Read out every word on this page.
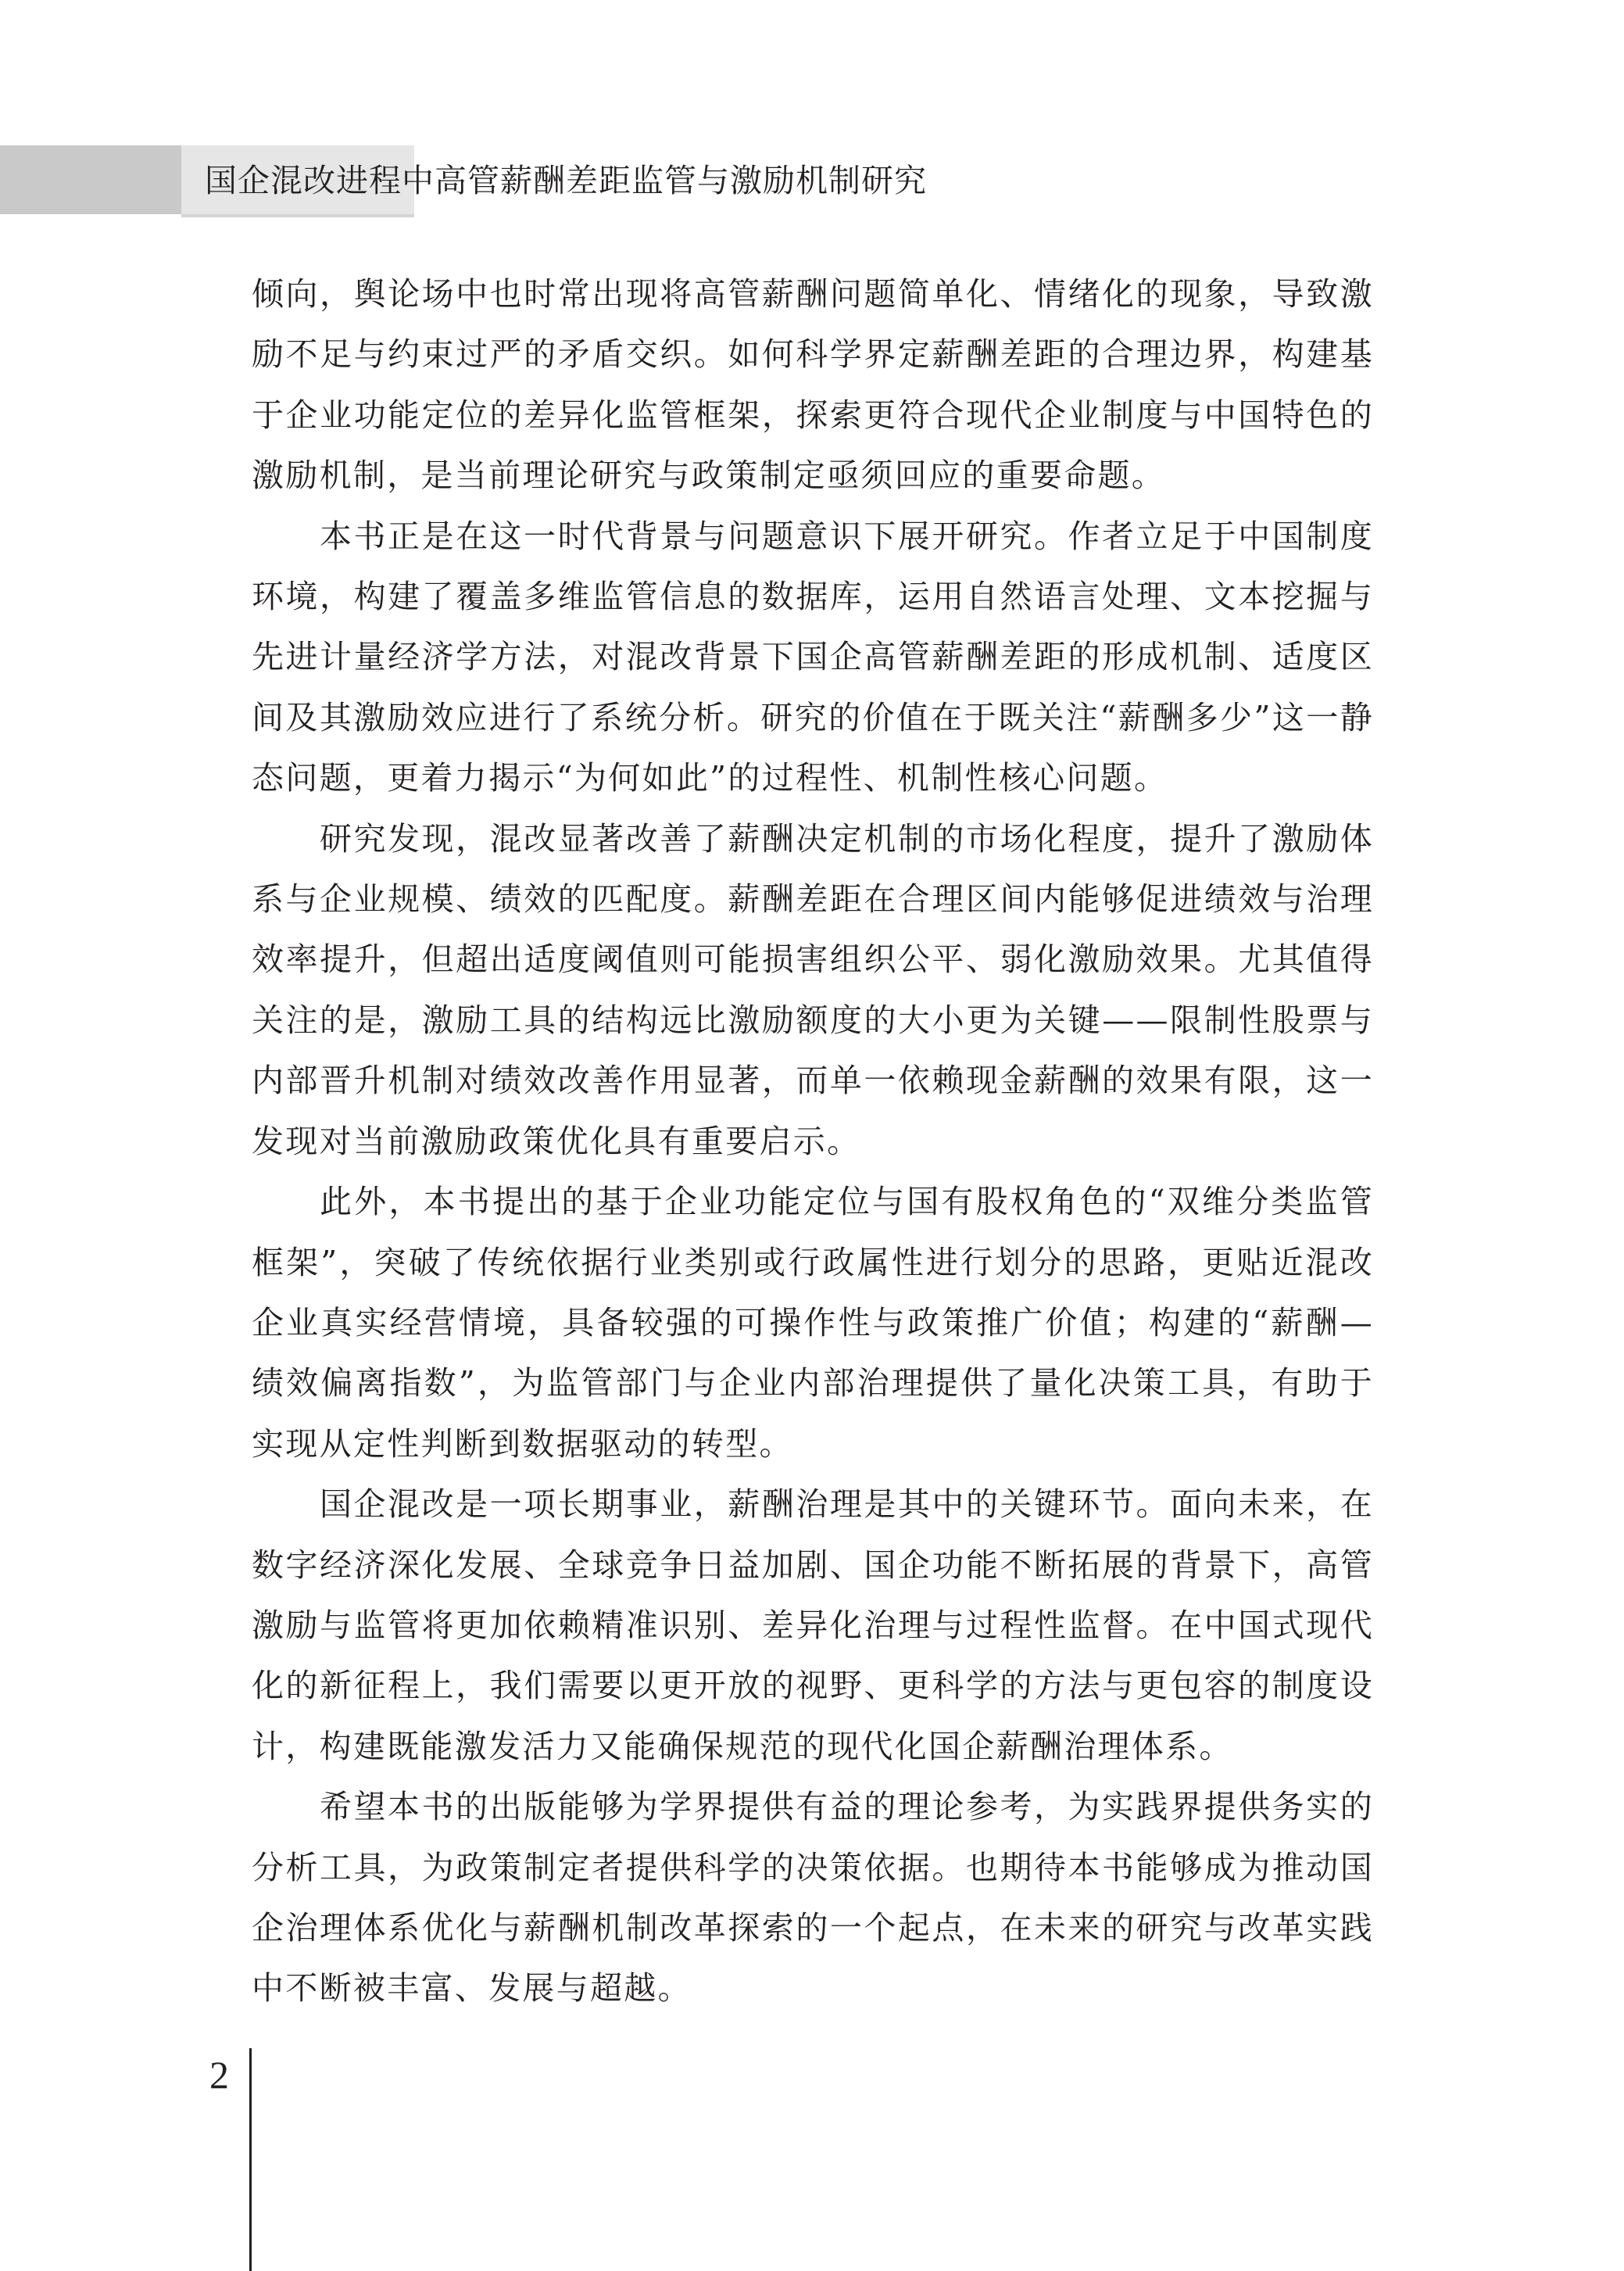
国企混改进程中高管薪酬差距监管与激励机制研究

倾向，舆论场中也时常出现将高管薪酬问题简单化、情绪化的现象，导致激励不足与约束过严的矛盾交织。如何科学界定薪酬差距的合理边界，构建基于企业功能定位的差异化监管框架，探索更符合现代企业制度与中国特色的激励机制，是当前理论研究与政策制定亟须回应的重要命题。

本书正是在这一时代背景与问题意识下展开研究。作者立足于中国制度环境，构建了覆盖多维监管信息的数据库，运用自然语言处理、文本挖掘与先进计量经济学方法，对混改背景下国企高管薪酬差距的形成机制、适度区间及其激励效应进行了系统分析。研究的价值在于既关注“薪酬多少”这一静态问题，更着力揭示“为何如此”的过程性、机制性核心问题。

研究发现，混改显著改善了薪酬决定机制的市场化程度，提升了激励体系与企业规模、绩效的匹配度。薪酬差距在合理区间内能够促进绩效与治理效率提升，但超出适度阈值则可能损害组织公平、弱化激励效果。尤其值得关注的是，激励工具的结构远比激励额度的大小更为关键——限制性股票与内部晋升机制对绩效改善作用显著，而单一依赖现金薪酬的效果有限，这一发现对当前激励政策优化具有重要启示。

此外，本书提出的基于企业功能定位与国有股权角色的“双维分类监管框架”，突破了传统依据行业类别或行政属性进行划分的思路，更贴近混改企业真实经营情境，具备较强的可操作性与政策推广价值；构建的“薪酬—绩效偏离指数”，为监管部门与企业内部治理提供了量化决策工具，有助于实现从定性判断到数据驱动的转型。

国企混改是一项长期事业，薪酬治理是其中的关键环节。面向未来，在数字经济深化发展、全球竞争日益加剧、国企功能不断拓展的背景下，高管激励与监管将更加依赖精准识别、差异化治理与过程性监督。在中国式现代化的新征程上，我们需要以更开放的视野、更科学的方法与更包容的制度设计，构建既能激发活力又能确保规范的现代化国企薪酬治理体系。

希望本书的出版能够为学界提供有益的理论参考，为实践界提供务实的分析工具，为政策制定者提供科学的决策依据。也期待本书能够成为推动国企治理体系优化与薪酬机制改革探索的一个起点，在未来的研究与改革实践中不断被丰富、发展与超越。

2
